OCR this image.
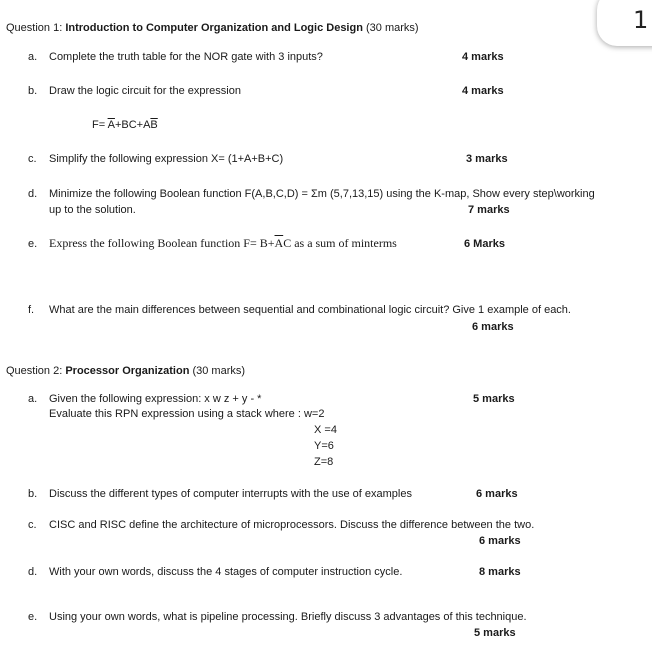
1
Question 1: Introduction to Computer Organization and Logic Design (30 marks)
a. Complete the truth table for the NOR gate with 3 inputs?	4 marks
b. Draw the logic circuit for the expression	4 marks
$F= \overline{A}+BC+A\overline{B}$
c. Simplify the following expression X= (1+A+B+C)	3 marks
d. Minimize the following Boolean function F(A,B,C,D) = Σm (5,7,13,15) using the K-map, Show every step\working
up to the solution.	7 marks
e. Express the following Boolean function $F= B+\overline{A}C$ as a sum of minterms	6 Marks
f. What are the main differences between sequential and combinational logic circuit? Give 1 example of each.
6 marks
Question 2: Processor Organization (30 marks)
a. Given the following expression: x w z + y - *
Evaluate this RPN expression using a stack where : w=2
X =4
Y=6
Z=8
5 marks
b. Discuss the different types of computer interrupts with the use of examples	6 marks
c. CISC and RISC define the architecture of microprocessors. Discuss the difference between the two.
6 marks
d. With your own words, discuss the 4 stages of computer instruction cycle.	8 marks
e. Using your own words, what is pipeline processing. Briefly discuss 3 advantages of this technique.
5 marks
